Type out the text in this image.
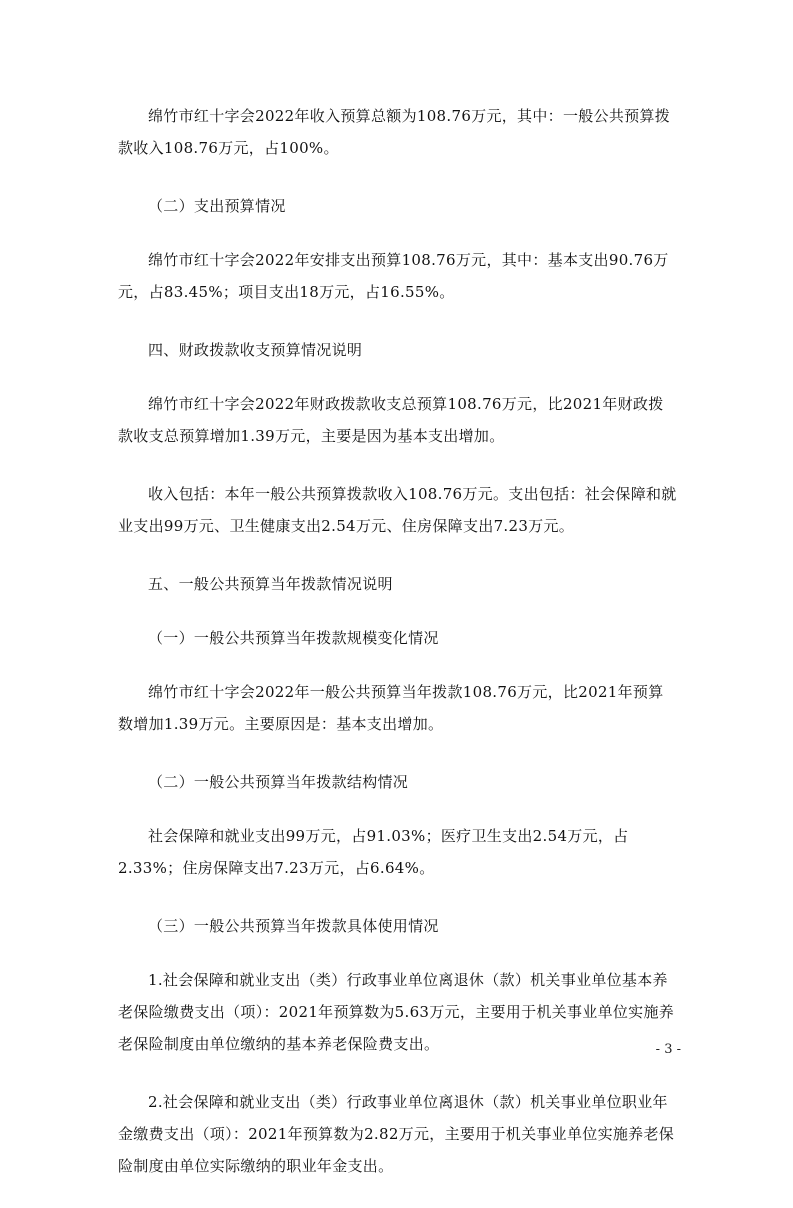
绵竹市红十字会2022年收入预算总额为108.76万元，其中：一般公共预算拨款收入108.76万元，占100%。

（二）支出预算情况

绵竹市红十字会2022年安排支出预算108.76万元，其中：基本支出90.76万元，占83.45%；项目支出18万元，占16.55%。

四、财政拨款收支预算情况说明

绵竹市红十字会2022年财政拨款收支总预算108.76万元，比2021年财政拨款收支总预算增加1.39万元，主要是因为基本支出增加。

收入包括：本年一般公共预算拨款收入108.76万元。支出包括：社会保障和就业支出99万元、卫生健康支出2.54万元、住房保障支出7.23万元。

五、一般公共预算当年拨款情况说明

（一）一般公共预算当年拨款规模变化情况

绵竹市红十字会2022年一般公共预算当年拨款108.76万元，比2021年预算数增加1.39万元。主要原因是：基本支出增加。

（二）一般公共预算当年拨款结构情况

社会保障和就业支出99万元，占91.03%；医疗卫生支出2.54万元，占2.33%；住房保障支出7.23万元，占6.64%。

（三）一般公共预算当年拨款具体使用情况

1.社会保障和就业支出（类）行政事业单位离退休（款）机关事业单位基本养老保险缴费支出（项）：2021年预算数为5.63万元，主要用于机关事业单位实施养老保险制度由单位缴纳的基本养老保险费支出。

2.社会保障和就业支出（类）行政事业单位离退休（款）机关事业单位职业年金缴费支出（项）：2021年预算数为2.82万元，主要用于机关事业单位实施养老保险制度由单位实际缴纳的职业年金支出。

- 3 -
